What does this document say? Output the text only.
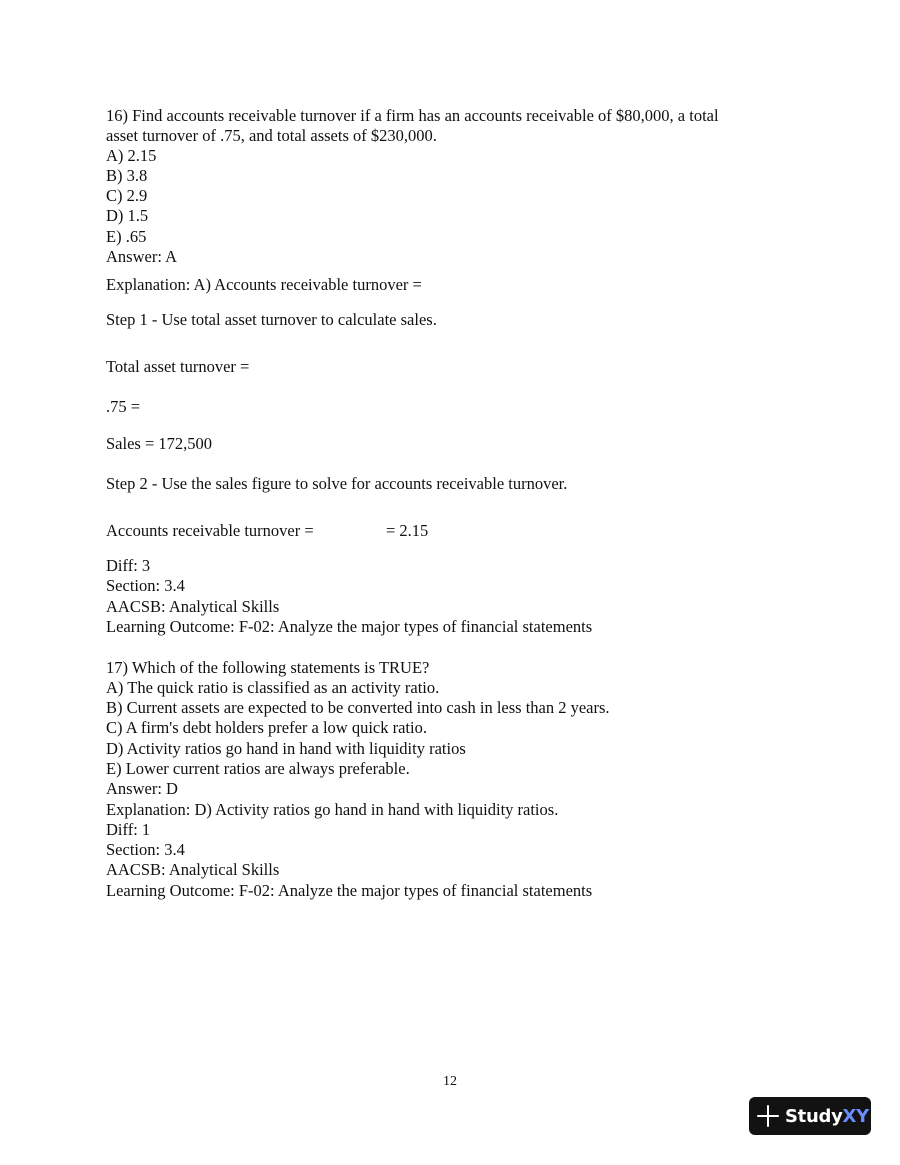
16) Find accounts receivable turnover if a firm has an accounts receivable of $80,000, a total
asset turnover of .75, and total assets of $230,000.
A) 2.15
B) 3.8
C) 2.9
D) 1.5
E) .65
Answer: A
Explanation: A) Accounts receivable turnover =
Step 1 - Use total asset turnover to calculate sales.
Total asset turnover =
.75 =
Sales = 172,500
Step 2 - Use the sales figure to solve for accounts receivable turnover.
Accounts receivable turnover =	= 2.15
Diff: 3
Section: 3.4
AACSB: Analytical Skills
Learning Outcome: F-02: Analyze the major types of financial statements
17) Which of the following statements is TRUE?
A) The quick ratio is classified as an activity ratio.
B) Current assets are expected to be converted into cash in less than 2 years.
C) A firm's debt holders prefer a low quick ratio.
D) Activity ratios go hand in hand with liquidity ratios
E) Lower current ratios are always preferable.
Answer: D
Explanation: D) Activity ratios go hand in hand with liquidity ratios.
Diff: 1
Section: 3.4
AACSB: Analytical Skills
Learning Outcome: F-02: Analyze the major types of financial statements
12
StudyXY
